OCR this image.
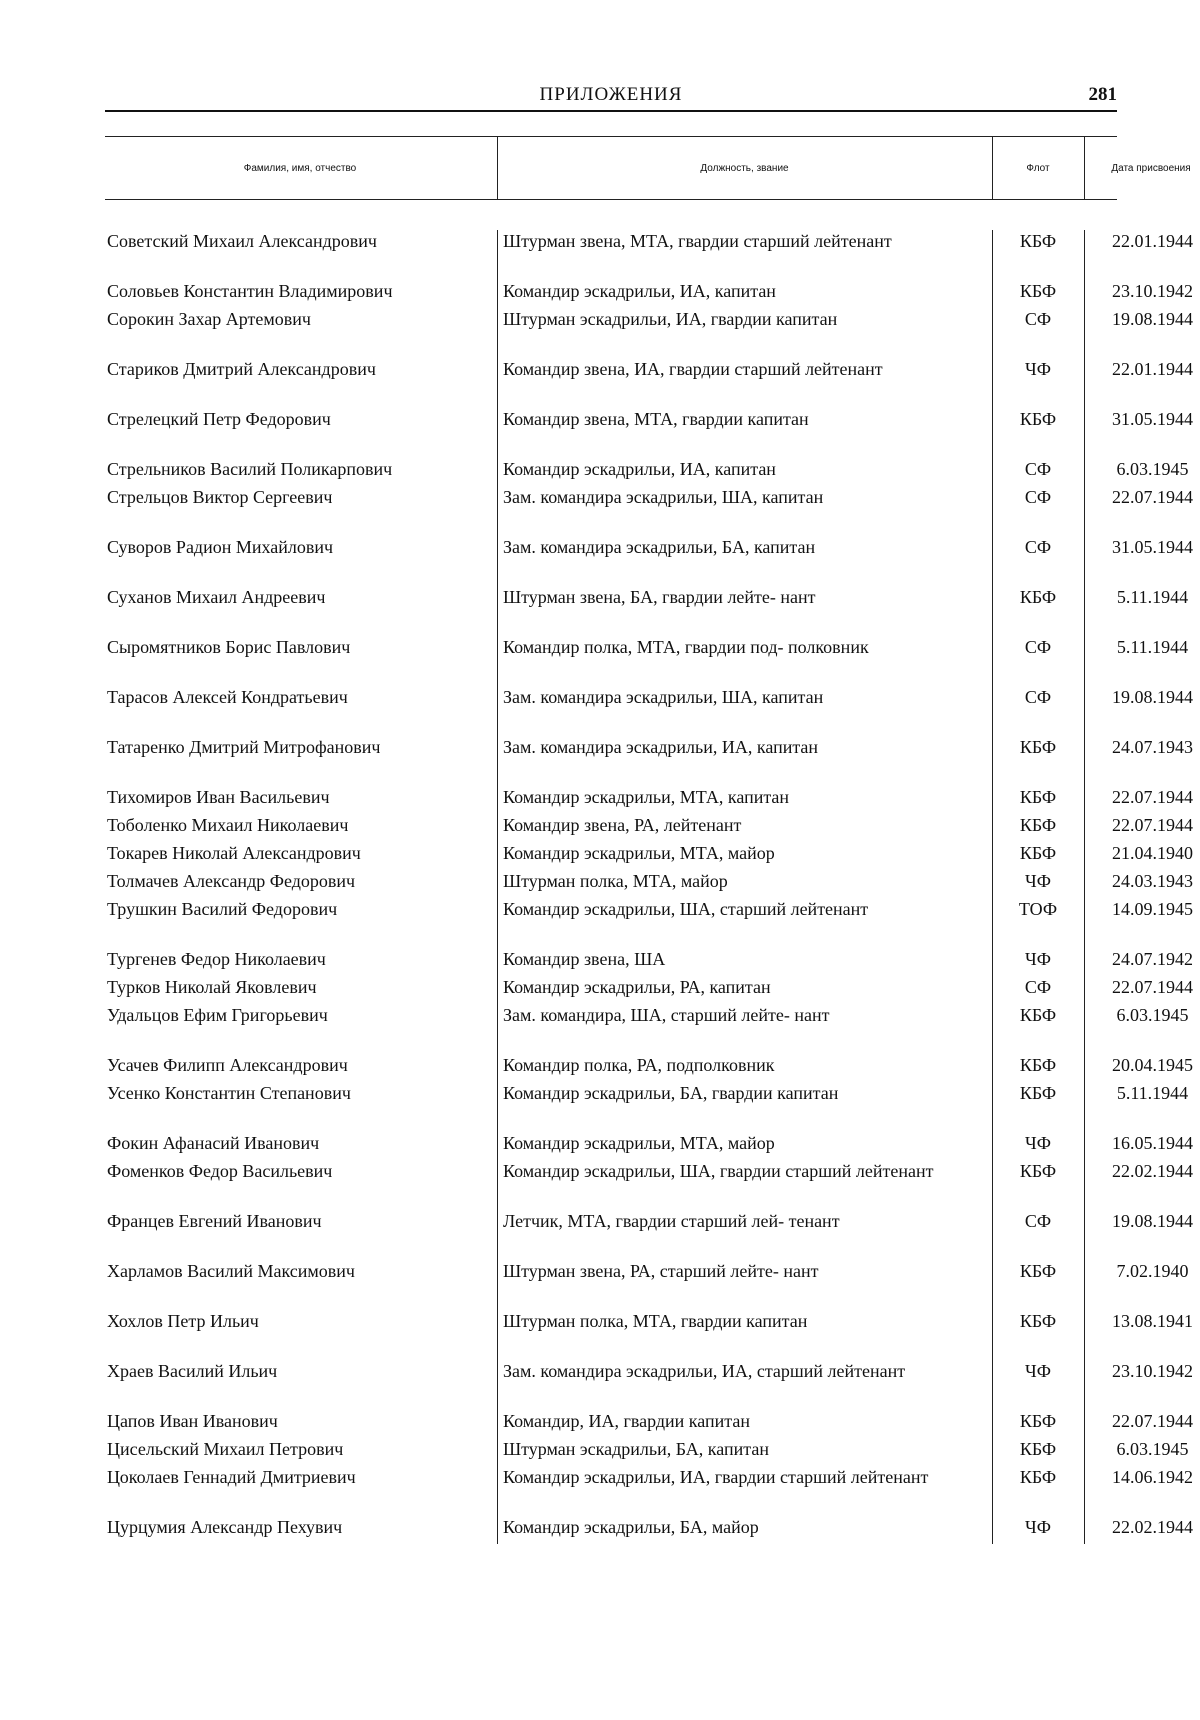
ПРИЛОЖЕНИЯ	281
Фамилия, имя, отчество	Должность, звание	Флот	Дата присвоения
Советский Михаил Александрович	Штурман звена, МТА, гвардии старший лейтенант	КБФ	22.01.1944
Соловьев Константин Владимирович	Командир эскадрильи, ИА, капитан	КБФ	23.10.1942
Сорокин Захар Артемович	Штурман эскадрильи, ИА, гвардии капитан	СФ	19.08.1944
Стариков Дмитрий Александрович	Командир звена, ИА, гвардии старший лейтенант	ЧФ	22.01.1944
Стрелецкий Петр Федорович	Командир звена, МТА, гвардии капитан	КБФ	31.05.1944
Стрельников Василий Поликарпович	Командир эскадрильи, ИА, капитан	СФ	6.03.1945
Стрельцов Виктор Сергеевич	Зам. командира эскадрильи, ША, капитан	СФ	22.07.1944
Суворов Радион Михайлович	Зам. командира эскадрильи, БА, капитан	СФ	31.05.1944
Суханов Михаил Андреевич	Штурман звена, БА, гвардии лейте- нант	КБФ	5.11.1944
Сыромятников Борис Павлович	Командир полка, МТА, гвардии под- полковник	СФ	5.11.1944
Тарасов Алексей Кондратьевич	Зам. командира эскадрильи, ША, капитан	СФ	19.08.1944
Татаренко Дмитрий Митрофанович	Зам. командира эскадрильи, ИА, капитан	КБФ	24.07.1943
Тихомиров Иван Васильевич	Командир эскадрильи, МТА, капитан	КБФ	22.07.1944
Тоболенко Михаил Николаевич	Командир звена, РА, лейтенант	КБФ	22.07.1944
Токарев Николай Александрович	Командир эскадрильи, МТА, майор	КБФ	21.04.1940
Толмачев Александр Федорович	Штурман полка, МТА, майор	ЧФ	24.03.1943
Трушкин Василий Федорович	Командир эскадрильи, ША, старший лейтенант	ТОФ	14.09.1945
Тургенев Федор Николаевич	Командир звена, ША	ЧФ	24.07.1942
Турков Николай Яковлевич	Командир эскадрильи, РА, капитан	СФ	22.07.1944
Удальцов Ефим Григорьевич	Зам. командира, ША, старший лейте- нант	КБФ	6.03.1945
Усачев Филипп Александрович	Командир полка, РА, подполковник	КБФ	20.04.1945
Усенко Константин Степанович	Командир эскадрильи, БА, гвардии капитан	КБФ	5.11.1944
Фокин Афанасий Иванович	Командир эскадрильи, МТА, майор	ЧФ	16.05.1944
Фоменков Федор Васильевич	Командир эскадрильи, ША, гвардии старший лейтенант	КБФ	22.02.1944
Францев Евгений Иванович	Летчик, МТА, гвардии старший лей- тенант	СФ	19.08.1944
Харламов Василий Максимович	Штурман звена, РА, старший лейте- нант	КБФ	7.02.1940
Хохлов Петр Ильич	Штурман полка, МТА, гвардии капитан	КБФ	13.08.1941
Храев Василий Ильич	Зам. командира эскадрильи, ИА, старший лейтенант	ЧФ	23.10.1942
Цапов Иван Иванович	Командир, ИА, гвардии капитан	КБФ	22.07.1944
Цисельский Михаил Петрович	Штурман эскадрильи, БА, капитан	КБФ	6.03.1945
Цоколаев Геннадий Дмитриевич	Командир эскадрильи, ИА, гвардии старший лейтенант	КБФ	14.06.1942
Цурцумия Александр Пехувич	Командир эскадрильи, БА, майор	ЧФ	22.02.1944
